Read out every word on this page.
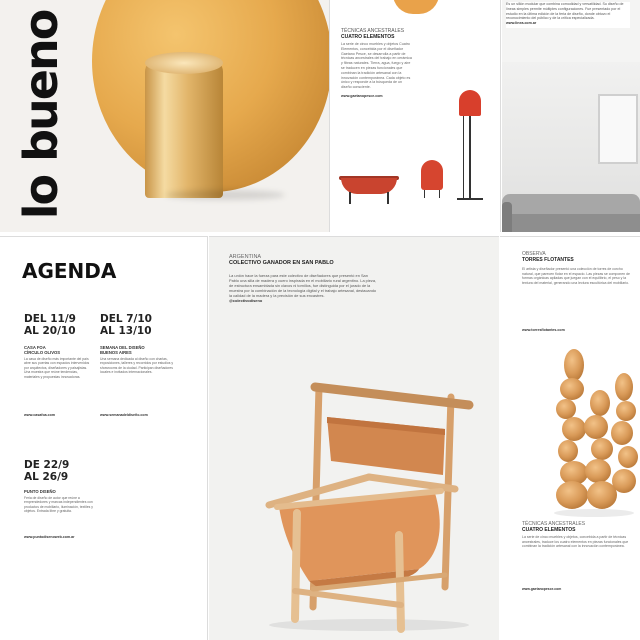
lo bueno	TÉCNICAS ANCESTRALES
CUATRO ELEMENTOS
La serie de cinco muebles y objetos Cuatro Elementos, concebida por el diseñador Gaetano Pesce, se desarrolla a partir de técnicas ancestrales del trabajo en cerámica y fibras naturales. Tierra, agua, fuego y aire se traducen en piezas funcionales que combinan la tradición artesanal con la innovación contemporánea. Cada objeto es único y responde a la búsqueda de un diseño consciente.
www.gaetanopesce.com
Es un sillón modular que combina comodidad y versatilidad. Su diseño de líneas simples permite múltiples configuraciones. Fue presentado por el estudio en la última edición de la feria de diseño, donde obtuvo el reconocimiento del público y de la crítica especializada.
www.linea.com.ar
AGENDA
DEL 11/9
AL 20/10
CASA FOA
CÍRCULO OLIVOS
La casa de diseño más importante del país abre sus puertas con espacios intervenidos por arquitectos, diseñadores y paisajistas. Una muestra que reúne tendencias, materiales y propuestas innovadoras.
www.casafoa.com
DEL 7/10
AL 13/10
SEMANA DEL DISEÑO
BUENOS AIRES
Una semana dedicada al diseño con charlas, exposiciones, talleres y recorridos por estudios y showrooms de la ciudad. Participan diseñadores locales e invitados internacionales.
www.semanadeldiseño.com
DE 22/9
AL 26/9
PUNTO DISEÑO
Feria de diseño de autor que reúne a emprendedores y marcas independientes con productos de mobiliario, iluminación, textiles y objetos. Entrada libre y gratuita.
www.puntodisenoweb.com.ar
ARGENTINA
COLECTIVO GANADOR EN SAN PABLO
La unión hace la fuerza para este colectivo de diseñadores que presentó en San Pablo una silla de madera y cuero inspirada en el mobiliario rural argentino. La pieza, de estructura ensamblada sin clavos ni tornillos, fue distinguida por el jurado de la muestra por la combinación de la tecnología digital y el trabajo artesanal, destacando la calidad de la madera y la precisión de sus encastres.
@colectivodiseno
OBSERVA
TORRES FLOTANTES
El artista y diseñador presentó una colección de torres de corcho natural, que parecen flotar en el espacio. Las piezas se componen de formas orgánicas apiladas que juegan con el equilibrio, el peso y la textura del material, generando una lectura escultórica del mobiliario.
www.torresflotantes.com
TÉCNICAS ANCESTRALES
CUATRO ELEMENTOS
La serie de cinco muebles y objetos, concebida a partir de técnicas ancestrales, traduce los cuatro elementos en piezas funcionales que combinan la tradición artesanal con la innovación contemporánea.
www.gaetanopesce.com
